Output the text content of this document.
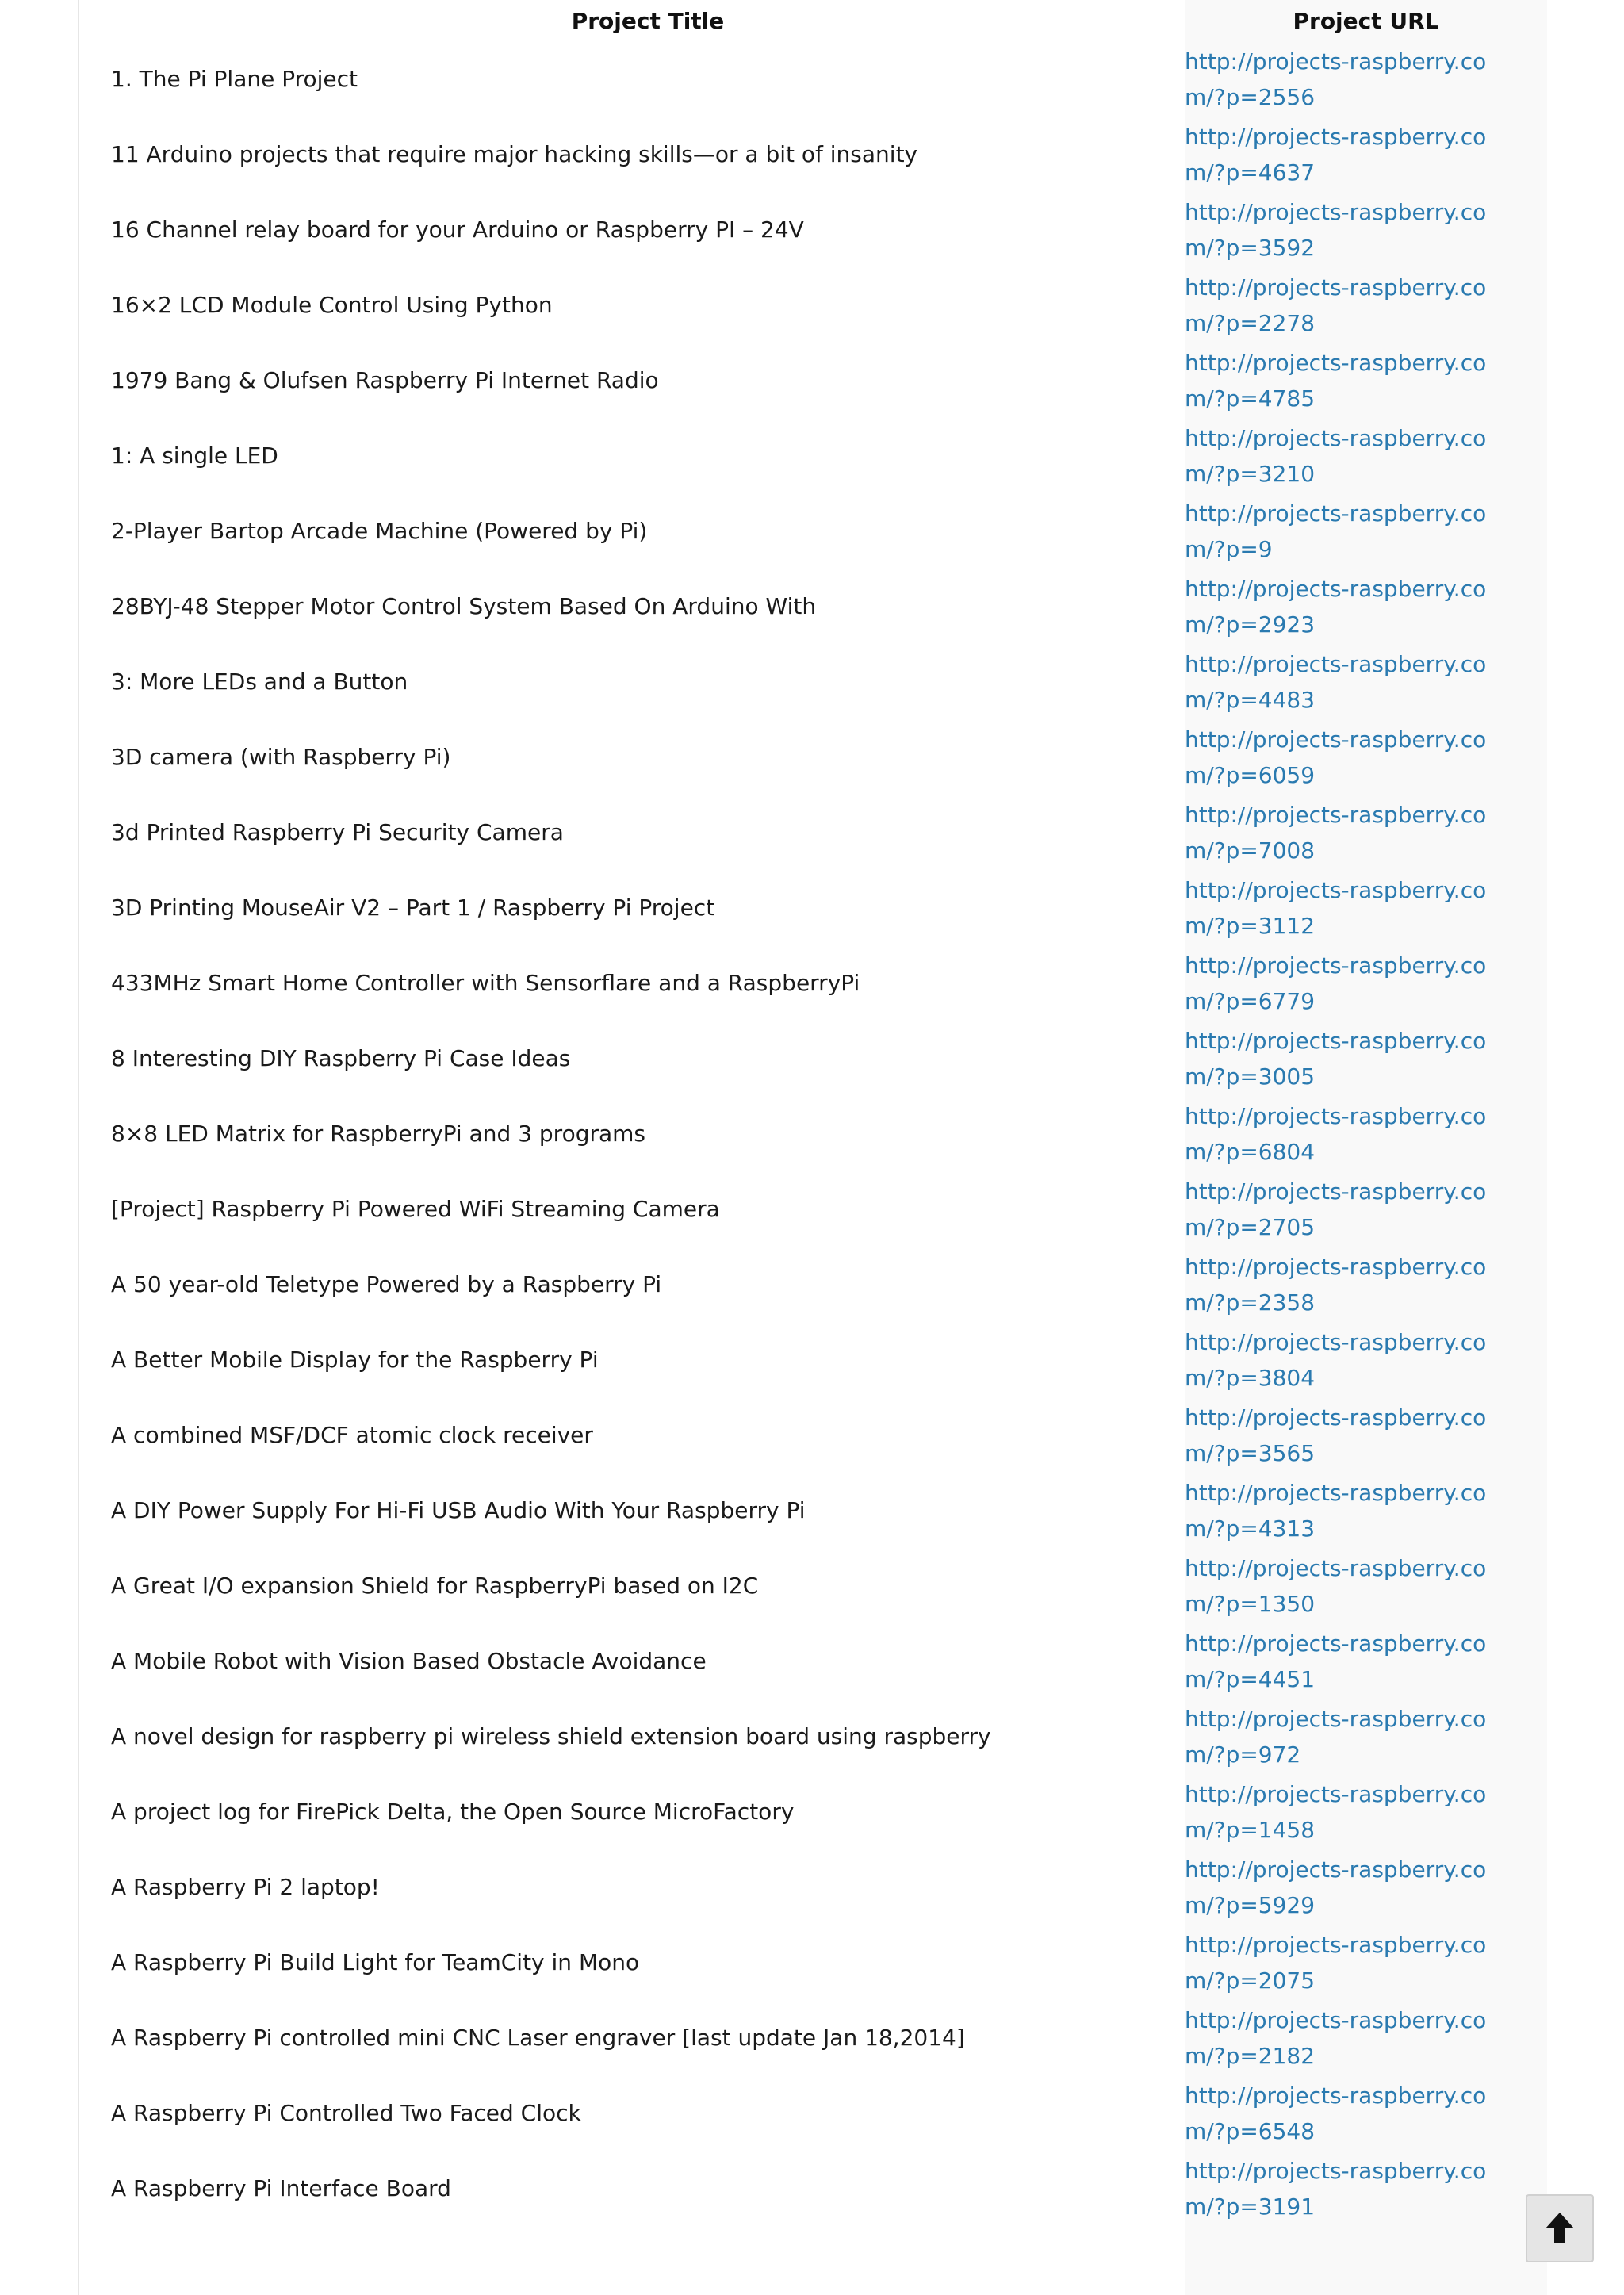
Project Title	Project URL
1. The Pi Plane Project	http://projects-raspberry.com/?p=2556

11 Arduino projects that require major hacking skills—or a bit of insanity	http://projects-raspberry.com/?p=4637

16 Channel relay board for your Arduino or Raspberry PI – 24V	http://projects-raspberry.com/?p=3592

16×2 LCD Module Control Using Python	http://projects-raspberry.com/?p=2278

1979 Bang & Olufsen Raspberry Pi Internet Radio	http://projects-raspberry.com/?p=4785

1: A single LED	http://projects-raspberry.com/?p=3210

2-Player Bartop Arcade Machine (Powered by Pi)	http://projects-raspberry.com/?p=9

28BYJ-48 Stepper Motor Control System Based On Arduino With	http://projects-raspberry.com/?p=2923

3: More LEDs and a Button	http://projects-raspberry.com/?p=4483

3D camera (with Raspberry Pi)	http://projects-raspberry.com/?p=6059

3d Printed Raspberry Pi Security Camera	http://projects-raspberry.com/?p=7008

3D Printing MouseAir V2 – Part 1 / Raspberry Pi Project	http://projects-raspberry.com/?p=3112

433MHz Smart Home Controller with Sensorflare and a RaspberryPi	http://projects-raspberry.com/?p=6779

8 Interesting DIY Raspberry Pi Case Ideas	http://projects-raspberry.com/?p=3005

8×8 LED Matrix for RaspberryPi and 3 programs	http://projects-raspberry.com/?p=6804

[Project] Raspberry Pi Powered WiFi Streaming Camera	http://projects-raspberry.com/?p=2705

A 50 year-old Teletype Powered by a Raspberry Pi	http://projects-raspberry.com/?p=2358

A Better Mobile Display for the Raspberry Pi	http://projects-raspberry.com/?p=3804

A combined MSF/DCF atomic clock receiver	http://projects-raspberry.com/?p=3565

A DIY Power Supply For Hi-Fi USB Audio With Your Raspberry Pi	http://projects-raspberry.com/?p=4313

A Great I/O expansion Shield for RaspberryPi based on I2C	http://projects-raspberry.com/?p=1350

A Mobile Robot with Vision Based Obstacle Avoidance	http://projects-raspberry.com/?p=4451

A novel design for raspberry pi wireless shield extension board using raspberry	http://projects-raspberry.com/?p=972

A project log for FirePick Delta, the Open Source MicroFactory	http://projects-raspberry.com/?p=1458

A Raspberry Pi 2 laptop!	http://projects-raspberry.com/?p=5929

A Raspberry Pi Build Light for TeamCity in Mono	http://projects-raspberry.com/?p=2075

A Raspberry Pi controlled mini CNC Laser engraver [last update Jan 18,2014]	http://projects-raspberry.com/?p=2182

A Raspberry Pi Controlled Two Faced Clock	http://projects-raspberry.com/?p=6548

A Raspberry Pi Interface Board	http://projects-raspberry.com/?p=3191
